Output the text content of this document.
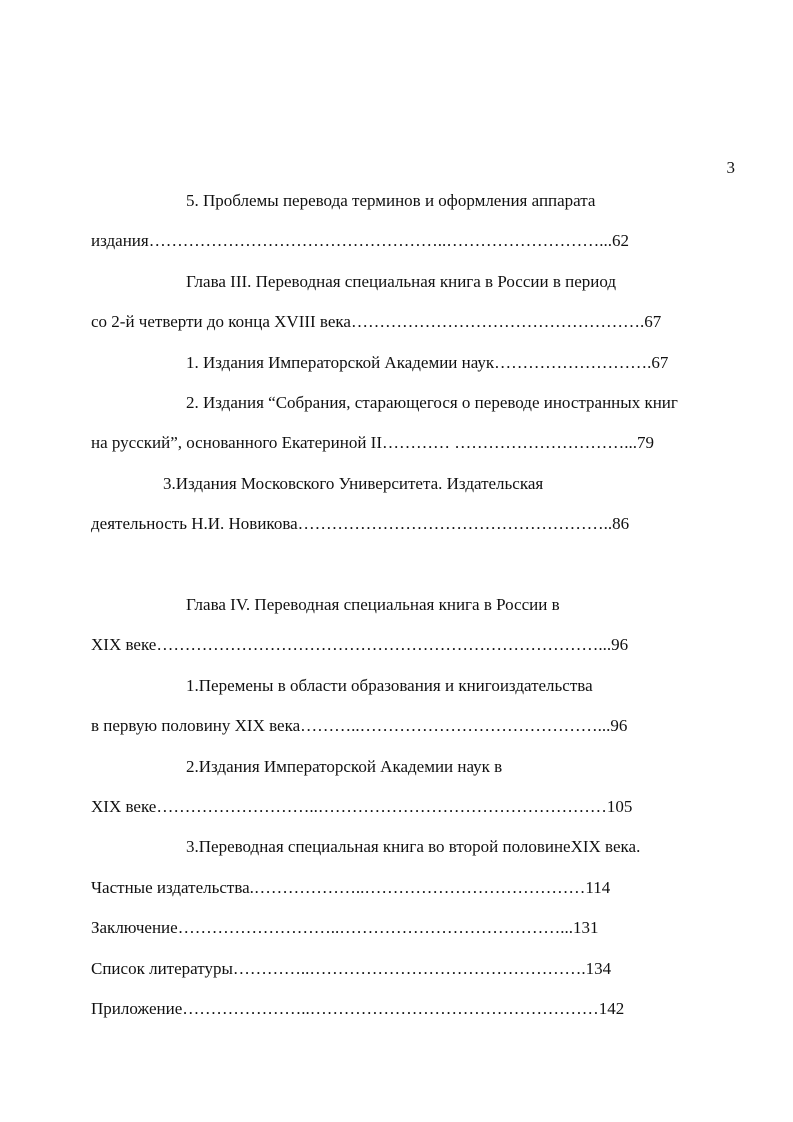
3
5. Проблемы перевода терминов и оформления аппарата
издания……………………………………………..………………………...62
Глава III. Переводная специальная книга в России в период
со 2-й четверти до конца XVIII века…………………………………………….67
1. Издания Императорской Академии наук……………………….67
2. Издания “Собрания, старающегося о переводе иностранных книг
на русский”, основанного Екатериной II………… …………………………...79
3.Издания Московского Университета. Издательская
деятельность Н.И. Новикова………………………………………………..86
Глава IV. Переводная специальная книга в России в
XIX веке……………………………………………………………………...96
1.Перемены в области образования и книгоиздательства
в первую половину XIX века………..……………………………………...96
2.Издания Императорской Академии наук в
XIX веке………………………..……………………………………………105
3.Переводная специальная книга во второй половинеXIX века.
Частные издательства.………………..…………………………………114
Заключение………………………..…………………………………...131
Список литературы…………..………………………………………….134
Приложение…………………..……………………………………………142
